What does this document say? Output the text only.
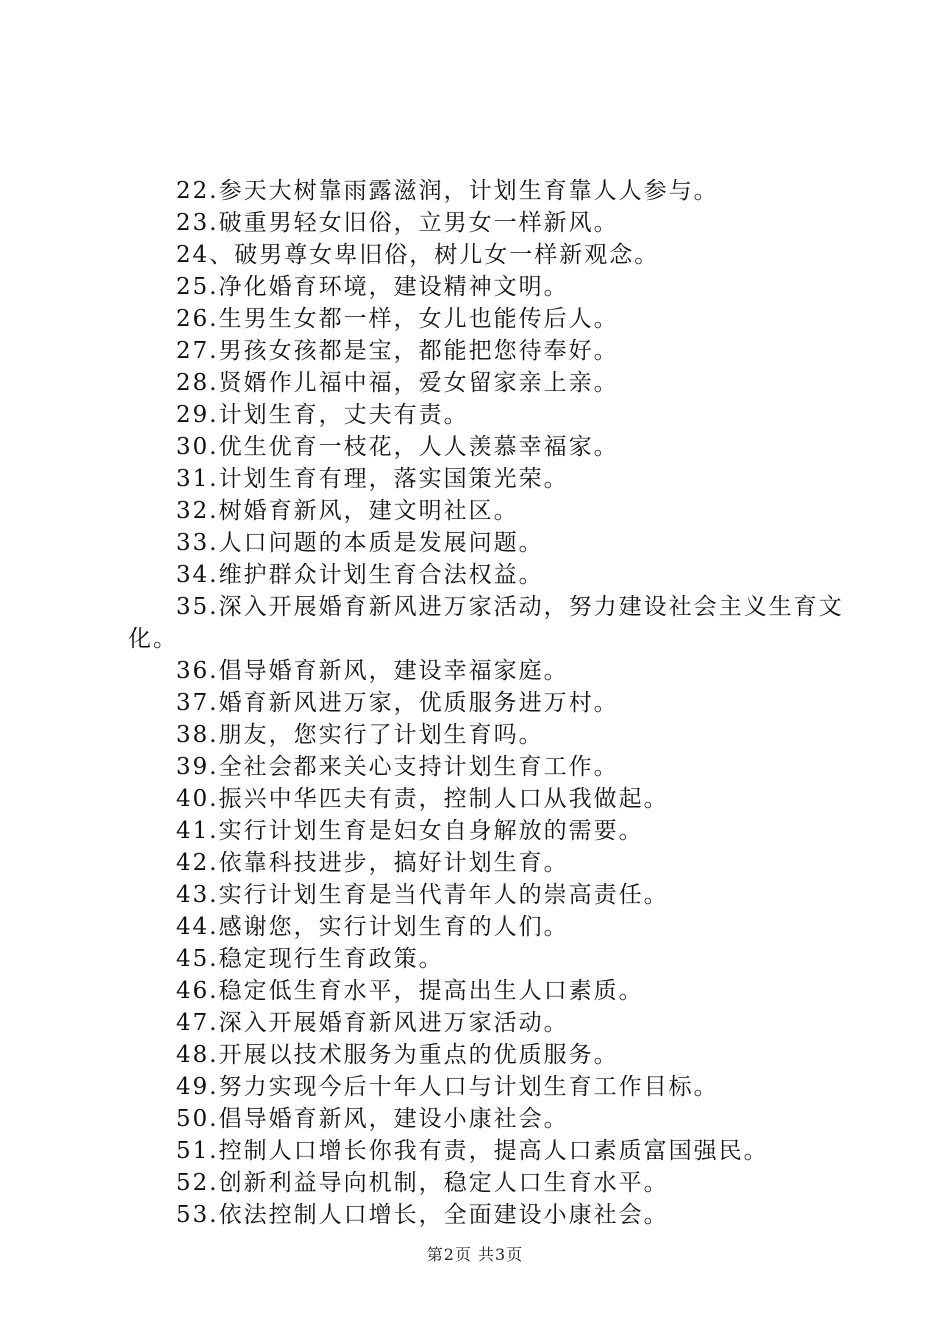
22.参天大树靠雨露滋润，计划生育靠人人参与。
23.破重男轻女旧俗，立男女一样新风。
24、破男尊女卑旧俗，树儿女一样新观念。
25.净化婚育环境，建设精神文明。
26.生男生女都一样，女儿也能传后人。
27.男孩女孩都是宝，都能把您待奉好。
28.贤婿作儿福中福，爱女留家亲上亲。
29.计划生育，丈夫有责。
30.优生优育一枝花，人人羡慕幸福家。
31.计划生育有理，落实国策光荣。
32.树婚育新风，建文明社区。
33.人口问题的本质是发展问题。
34.维护群众计划生育合法权益。
35.深入开展婚育新风进万家活动，努力建设社会主义生育文化。
36.倡导婚育新风，建设幸福家庭。
37.婚育新风进万家，优质服务进万村。
38.朋友，您实行了计划生育吗。
39.全社会都来关心支持计划生育工作。
40.振兴中华匹夫有责，控制人口从我做起。
41.实行计划生育是妇女自身解放的需要。
42.依靠科技进步，搞好计划生育。
43.实行计划生育是当代青年人的崇高责任。
44.感谢您，实行计划生育的人们。
45.稳定现行生育政策。
46.稳定低生育水平，提高出生人口素质。
47.深入开展婚育新风进万家活动。
48.开展以技术服务为重点的优质服务。
49.努力实现今后十年人口与计划生育工作目标。
50.倡导婚育新风，建设小康社会。
51.控制人口增长你我有责，提高人口素质富国强民。
52.创新利益导向机制，稳定人口生育水平。
53.依法控制人口增长，全面建设小康社会。
第2页 共3页
